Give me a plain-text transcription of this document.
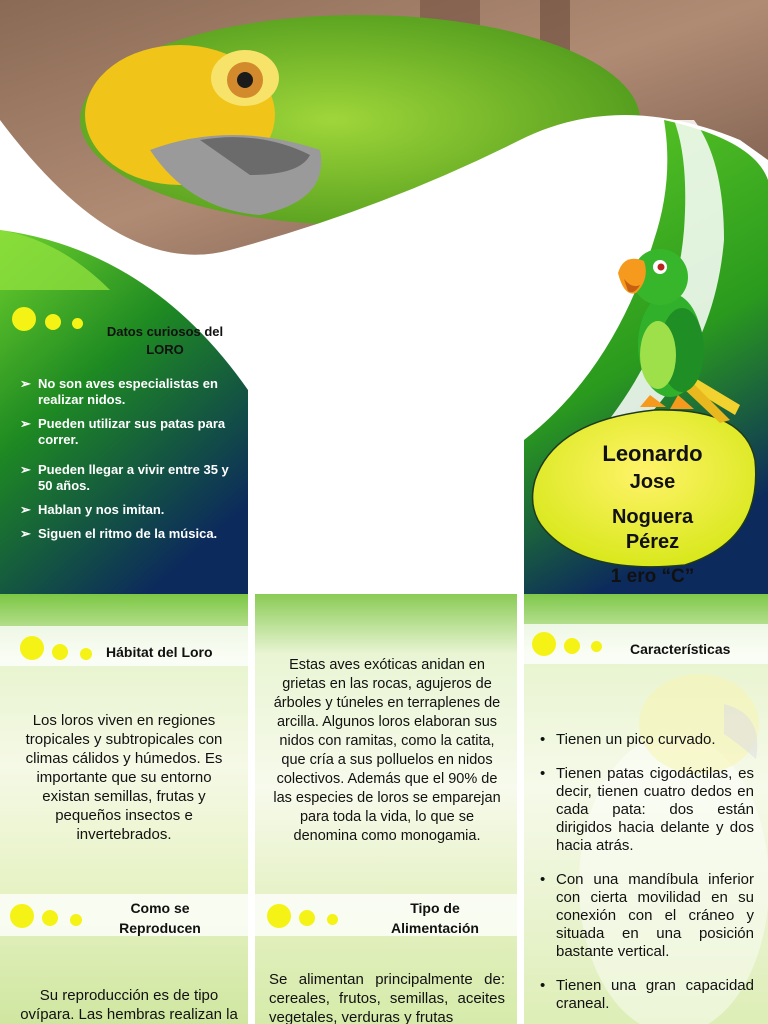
Datos curiosos del
LORO
➢ No son aves especialistas en realizar nidos.
➢ Pueden utilizar sus patas para correr.
➢ Pueden llegar a vivir entre 35 y 50 años.
➢ Hablan y nos imitan.
➢ Siguen el ritmo de la música.
Leonardo
Jose
Noguera
Pérez
1 ero “C”
Hábitat del Loro
Los loros viven en regiones tropicales y subtropicales con climas cálidos y húmedos. Es importante que su entorno existan semillas, frutas y pequeños insectos e invertebrados.
Como se
Reproducen
Su reproducción es de tipo ovípara. Las hembras realizan la
Estas aves exóticas anidan en grietas en las rocas, agujeros de árboles y túneles en terraplenes de arcilla. Algunos loros elaboran sus nidos con ramitas, como la catita, que cría a sus polluelos en nidos colectivos. Además que el 90% de las especies de loros se emparejan para toda la vida, lo que se denomina como monogamia.
Tipo de
Alimentación
Se alimentan principalmente de: cereales, frutos, semillas, aceites vegetales, verduras y frutas
Características
• Tienen un pico curvado.
• Tienen patas cigodáctilas, es decir, tienen cuatro dedos en cada pata: dos están dirigidos hacia delante y dos hacia atrás.
• Con una mandíbula inferior con cierta movilidad en su conexión con el cráneo y situada en una posición bastante vertical.
• Tienen una gran capacidad craneal.
